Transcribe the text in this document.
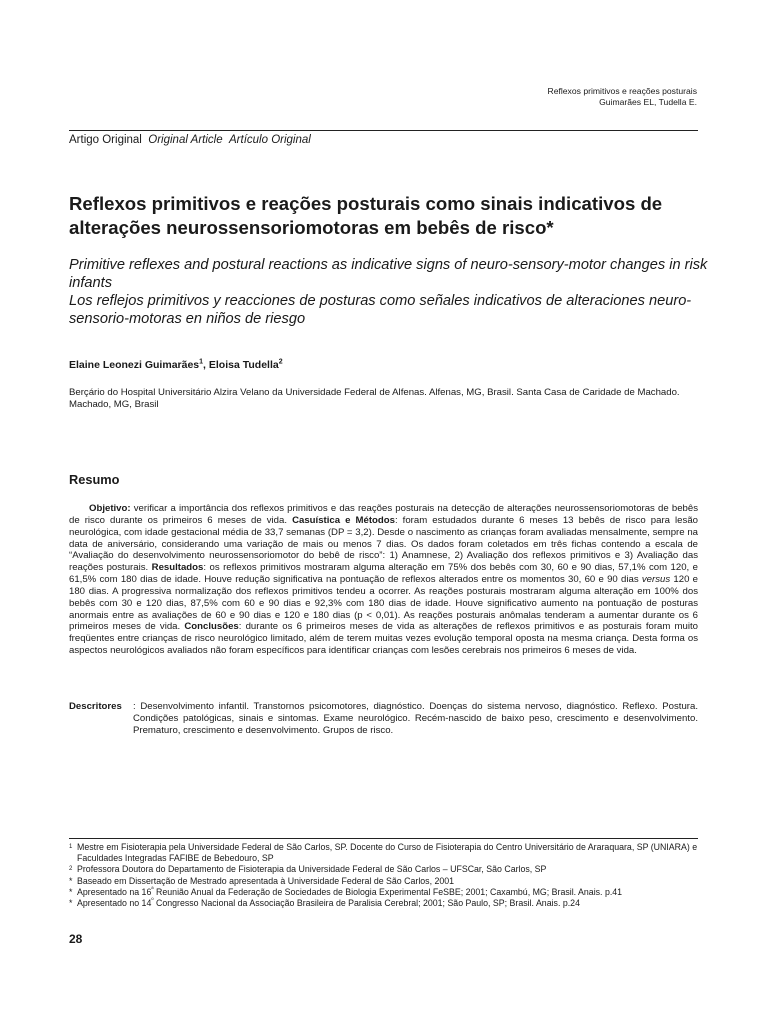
Reflexos primitivos e reações posturais
Guimarães EL, Tudella E.
Artigo Original Original Article Artículo Original
Reflexos primitivos e reações posturais como sinais indicativos de alterações neurossensoriomotoras em bebês de risco*
Primitive reflexes and postural reactions as indicative signs of neuro-sensory-motor changes in risk infants
Los reflejos primitivos y reacciones de posturas como señales indicativos de alteraciones neuro-sensorio-motoras en niños de riesgo
Elaine Leonezi Guimarães$^1$, Eloisa Tudella$^2$
Berçário do Hospital Universitário Alzira Velano da Universidade Federal de Alfenas. Alfenas, MG, Brasil. Santa Casa de Caridade de Machado. Machado, MG, Brasil
Resumo

Objetivo: verificar a importância dos reflexos primitivos e das reações posturais na detecção de alterações neurossensoriomotoras de bebês de risco durante os primeiros 6 meses de vida. Casuística e Métodos: foram estudados durante 6 meses 13 bebês de risco para lesão neurológica, com idade gestacional média de 33,7 semanas (DP = 3,2). Desde o nascimento as crianças foram avaliadas mensalmente, sempre na data de aniversário, considerando uma variação de mais ou menos 7 dias. Os dados foram coletados em três fichas contendo a escala de “Avaliação do desenvolvimento neurossensoriomotor do bebê de risco”: 1) Anamnese, 2) Avaliação dos reflexos primitivos e 3) Avaliação das reações posturais. Resultados: os reflexos primitivos mostraram alguma alteração em 75% dos bebês com 30, 60 e 90 dias, 57,1% com 120, e 61,5% com 180 dias de idade. Houve redução significativa na pontuação de reflexos alterados entre os momentos 30, 60 e 90 dias versus 120 e 180 dias. A progressiva normalização dos reflexos primitivos tendeu a ocorrer. As reações posturais mostraram alguma alteração em 100% dos bebês com 30 e 120 dias, 87,5% com 60 e 90 dias e 92,3% com 180 dias de idade. Houve significativo aumento na pontuação de posturas anormais entre as avaliações de 60 e 90 dias e 120 e 180 dias (p < 0,01). As reações posturais anômalas tenderam a aumentar durante os 6 primeiros meses de vida. Conclusões: durante os 6 primeiros meses de vida as alterações de reflexos primitivos e as posturais foram muito freqüentes entre crianças de risco neurológico limitado, além de terem muitas vezes evolução temporal oposta na mesma criança. Desta forma os aspectos neurológicos avaliados não foram específicos para identificar crianças com lesões cerebrais nos primeiros 6 meses de vida.

Descritores : Desenvolvimento infantil. Transtornos psicomotores, diagnóstico. Doenças do sistema nervoso, diagnóstico. Reflexo. Postura. Condições patológicas, sinais e sintomas. Exame neurológico. Recém-nascido de baixo peso, crescimento e desenvolvimento. Prematuro, crescimento e desenvolvimento. Grupos de risco.
1 Mestre em Fisioterapia pela Universidade Federal de São Carlos, SP. Docente do Curso de Fisioterapia do Centro Universitário de Araraquara, SP (UNIARA) e Faculdades Integradas FAFIBE de Bebedouro, SP
2 Professora Doutora do Departamento de Fisioterapia da Universidade Federal de São Carlos – UFSCar, São Carlos, SP
* Baseado em Dissertação de Mestrado apresentada à Universidade Federal de São Carlos, 2001
* Apresentado na $16^ª$ Reunião Anual da Federação de Sociedades de Biologia Experimental FeSBE; 2001; Caxambú, MG; Brasil. Anais. p.41
* Apresentado no $14^º$ Congresso Nacional da Associação Brasileira de Paralisia Cerebral; 2001; São Paulo, SP; Brasil. Anais. p.24
28
